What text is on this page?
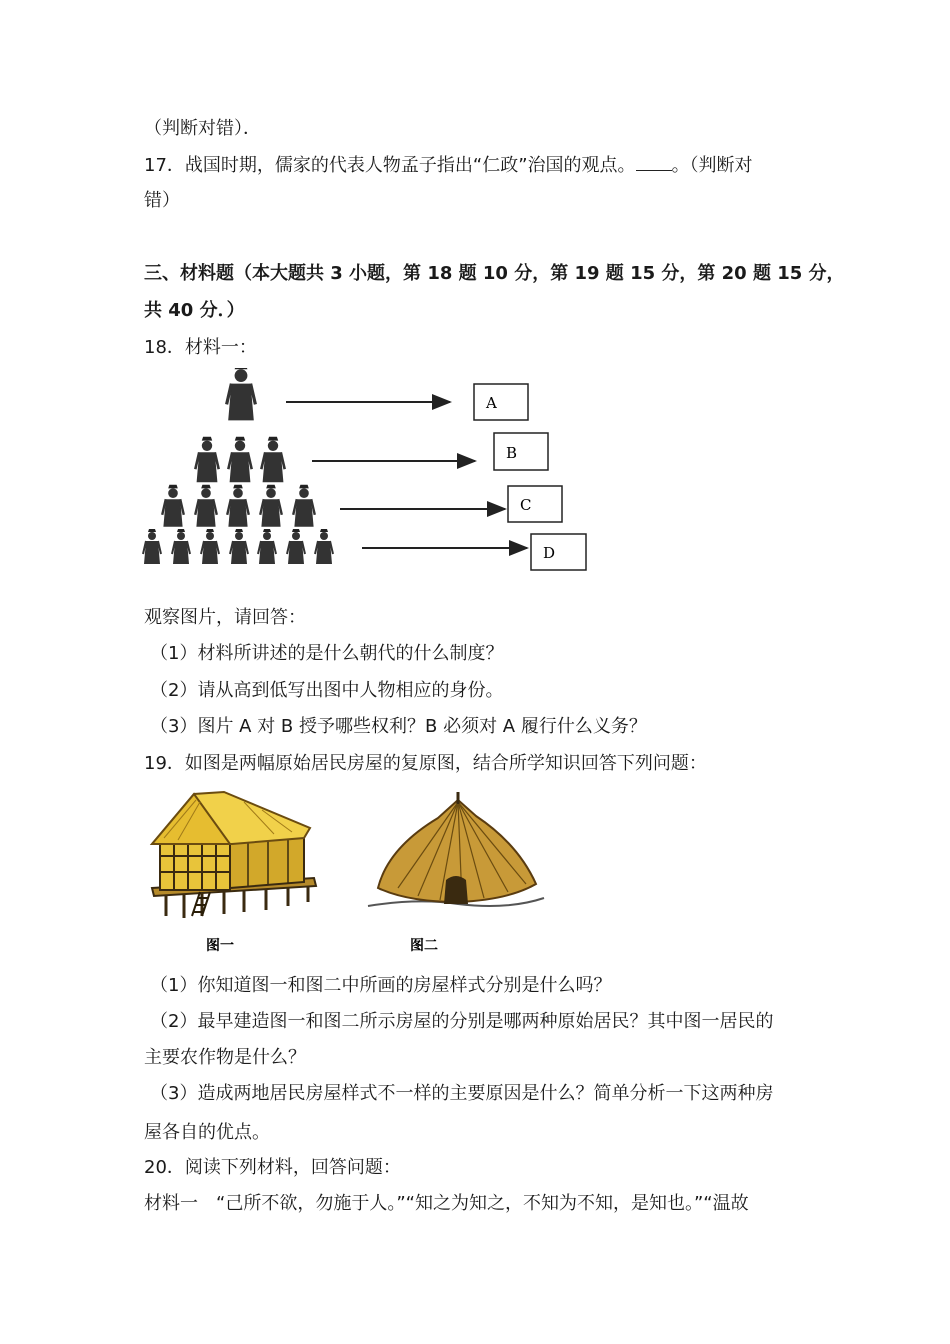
（判断对错）．
17．战国时期，儒家的代表人物孟子指出“仁政”治国的观点。 。（判断对
错）
三、材料题（本大题共 3 小题，第 18 题 10 分，第 19 题 15 分，第 20 题 15 分，
共 40 分．）
18．材料一：
A
B
C
D
观察图片，请回答：
（1）材料所讲述的是什么朝代的什么制度？
（2）请从高到低写出图中人物相应的身份。
（3）图片 A 对 B 授予哪些权利？B 必须对 A 履行什么义务？
19．如图是两幅原始居民房屋的复原图，结合所学知识回答下列问题：
图一	图二
（1）你知道图一和图二中所画的房屋样式分别是什么吗？
（2）最早建造图一和图二所示房屋的分别是哪两种原始居民？其中图一居民的
主要农作物是什么？
（3）造成两地居民房屋样式不一样的主要原因是什么？简单分析一下这两种房
屋各自的优点。
20．阅读下列材料，回答问题：
材料一　“己所不欲，勿施于人。”“知之为知之，不知为不知，是知也。”“温故
